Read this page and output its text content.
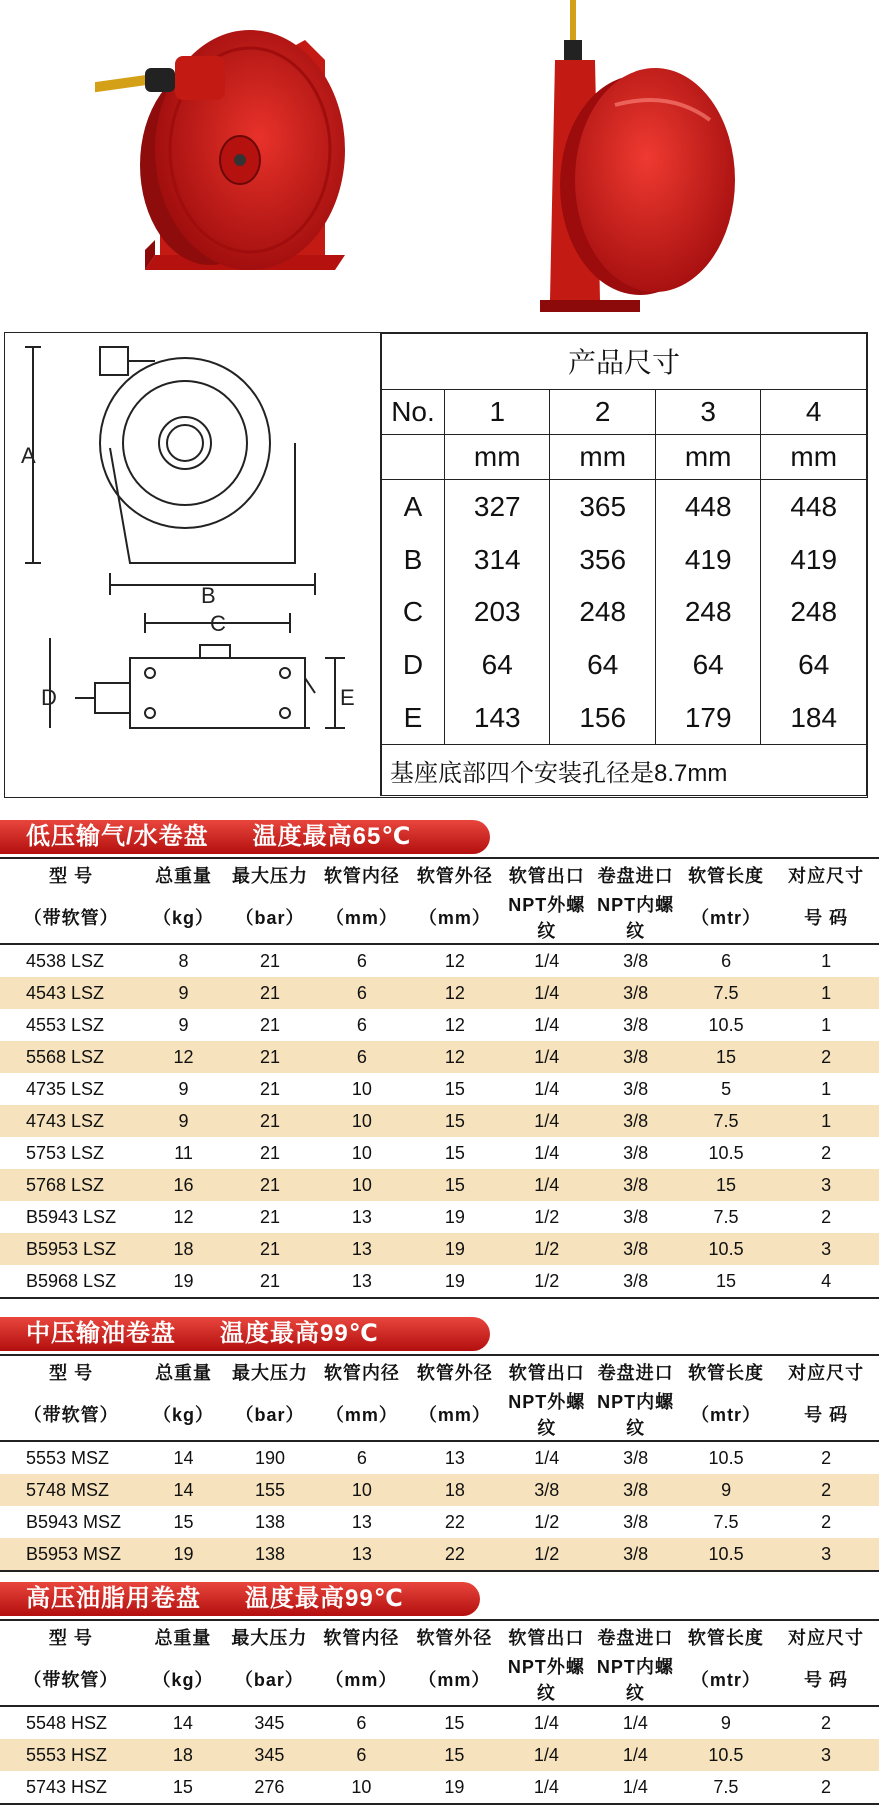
A
B
C
D	E
产品尺寸				
No.	1	2	3	4
	mm	mm	mm	mm
A	327	365	448	448
B	314	356	419	419
C	203	248	248	248
D	64	64	64	64
E	143	156	179	184
基座底部四个安装孔径是8.7mm				
低压输气/水卷盘 温度最高65℃
型 号	总重量	最大压力	软管内径	软管外径	软管出口	卷盘进口	软管长度	对应尺寸
（带软管）	（kg）	（bar）	（mm）	（mm）	NPT外螺纹	NPT内螺纹	（mtr）	号 码
4538 LSZ	8	21	6	12	1/4	3/8	6	1
4543 LSZ	9	21	6	12	1/4	3/8	7.5	1
4553 LSZ	9	21	6	12	1/4	3/8	10.5	1
5568 LSZ	12	21	6	12	1/4	3/8	15	2
4735 LSZ	9	21	10	15	1/4	3/8	5	1
4743 LSZ	9	21	10	15	1/4	3/8	7.5	1
5753 LSZ	11	21	10	15	1/4	3/8	10.5	2
5768 LSZ	16	21	10	15	1/4	3/8	15	3
B5943 LSZ	12	21	13	19	1/2	3/8	7.5	2
B5953 LSZ	18	21	13	19	1/2	3/8	10.5	3
B5968 LSZ	19	21	13	19	1/2	3/8	15	4
中压输油卷盘 温度最高99℃
型 号	总重量	最大压力	软管内径	软管外径	软管出口	卷盘进口	软管长度	对应尺寸
（带软管）	（kg）	（bar）	（mm）	（mm）	NPT外螺纹	NPT内螺纹	（mtr）	号 码
5553 MSZ	14	190	6	13	1/4	3/8	10.5	2
5748 MSZ	14	155	10	18	3/8	3/8	9	2
B5943 MSZ	15	138	13	22	1/2	3/8	7.5	2
B5953 MSZ	19	138	13	22	1/2	3/8	10.5	3
高压油脂用卷盘 温度最高99℃
型 号	总重量	最大压力	软管内径	软管外径	软管出口	卷盘进口	软管长度	对应尺寸
（带软管）	（kg）	（bar）	（mm）	（mm）	NPT外螺纹	NPT内螺纹	（mtr）	号 码
5548 HSZ	14	345	6	15	1/4	1/4	9	2
5553 HSZ	18	345	6	15	1/4	1/4	10.5	3
5743 HSZ	15	276	10	19	1/4	1/4	7.5	2
